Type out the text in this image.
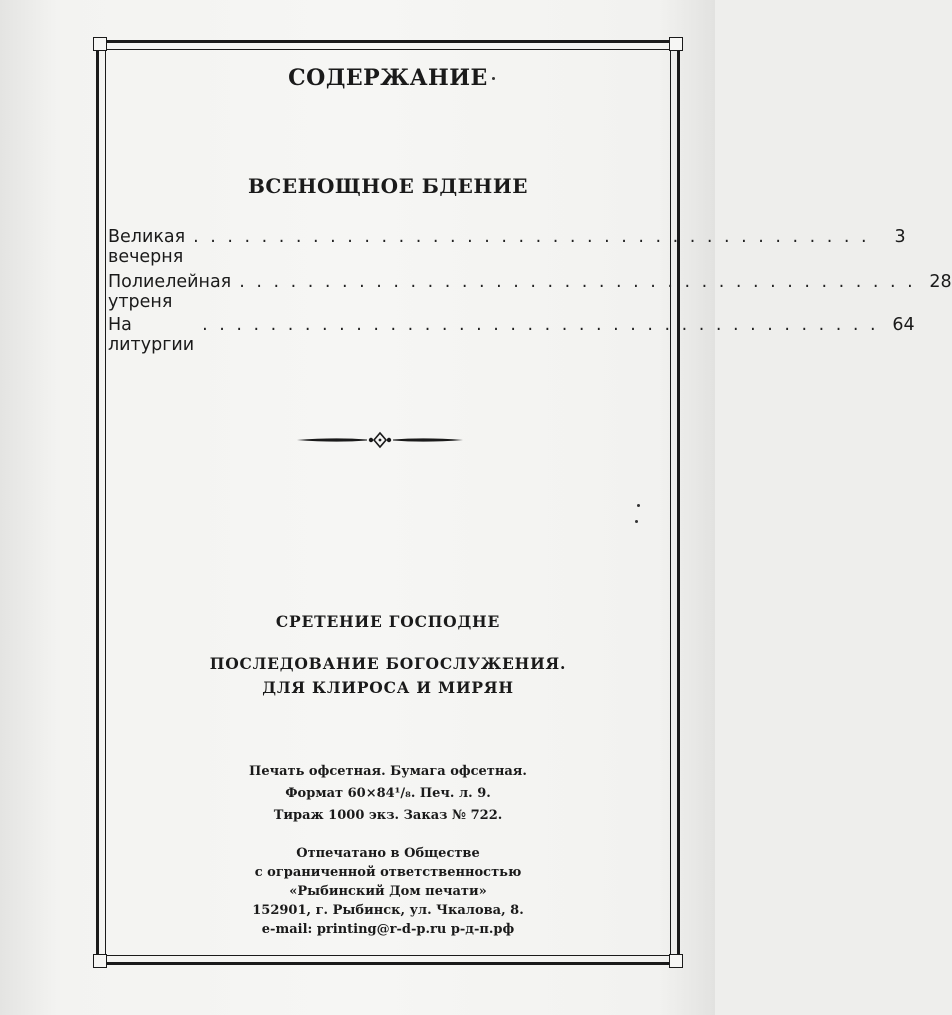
СОДЕРЖАНИЕ
ВСЕНОЩНОЕ БДЕНИЕ
Великая вечерня
. . . . . . . . . . . . . . . . . . . . . . . . . . . . . . . . . . . . . . . .	3
Полиелейная утреня
. . . . . . . . . . . . . . . . . . . . . . . . . . . . . . . . . . . . . . . . 28
На литургии
. . . . . . . . . . . . . . . . . . . . . . . . . . . . . . . . . . . . . . . . 64
СРЕТЕНИЕ ГОСПОДНЕ
ПОСЛЕДОВАНИЕ БОГОСЛУЖЕНИЯ.
ДЛЯ КЛИРОСА И МИРЯН
Печать офсетная. Бумага офсетная.
Формат 60×84¹/₈. Печ. л. 9.
Тираж 1000 экз. Заказ № 722.
Отпечатано в Обществе
с ограниченной ответственностью
«Рыбинский Дом печати»
152901, г. Рыбинск, ул. Чкалова, 8.
e-mail: printing@r-d-p.ru р-д-п.рф
